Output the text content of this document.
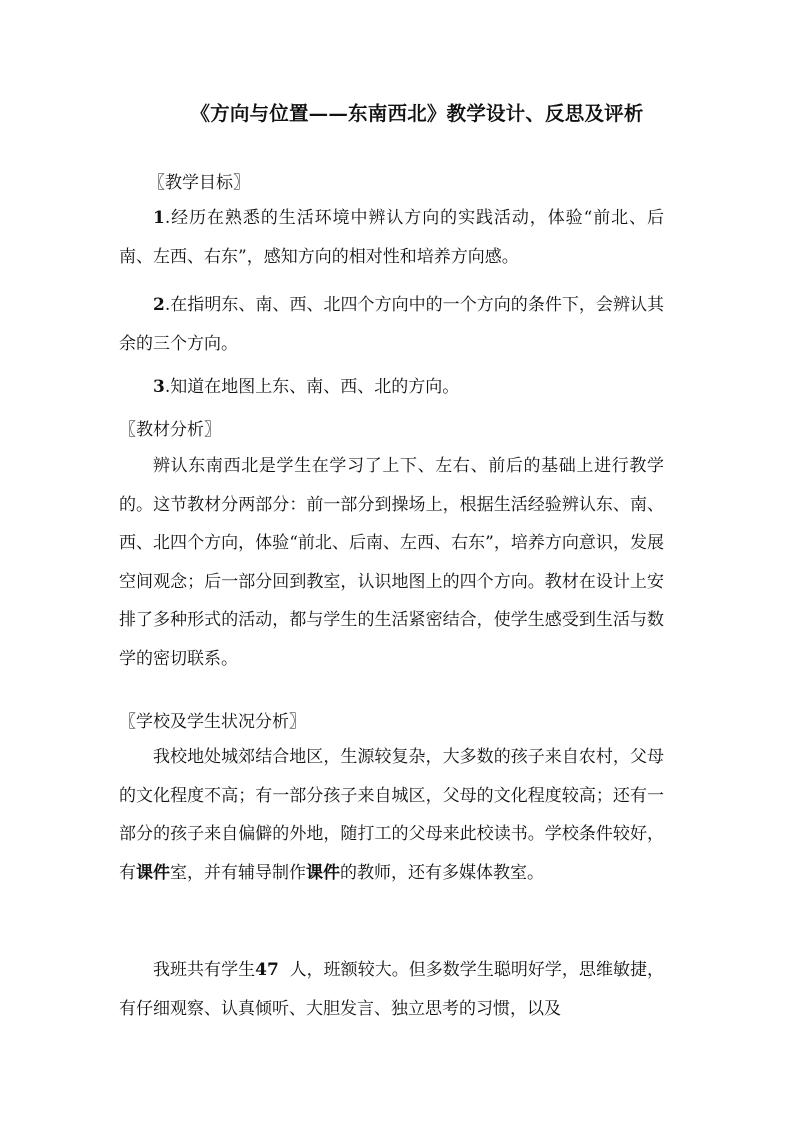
《方向与位置——东南西北》教学设计、反思及评析
〖教学目标〗

1.经历在熟悉的生活环境中辨认方向的实践活动，体验“前北、后南、左西、右东”，感知方向的相对性和培养方向感。

2.在指明东、南、西、北四个方向中的一个方向的条件下，会辨认其余的三个方向。

3.知道在地图上东、南、西、北的方向。

〖教材分析〗

辨认东南西北是学生在学习了上下、左右、前后的基础上进行教学的。这节教材分两部分：前一部分到操场上，根据生活经验辨认东、南、西、北四个方向，体验“前北、后南、左西、右东”，培养方向意识，发展空间观念；后一部分回到教室，认识地图上的四个方向。教材在设计上安排了多种形式的活动，都与学生的生活紧密结合，使学生感受到生活与数学的密切联系。

〖学校及学生状况分析〗

我校地处城郊结合地区，生源较复杂，大多数的孩子来自农村，父母的文化程度不高；有一部分孩子来自城区，父母的文化程度较高；还有一部分的孩子来自偏僻的外地，随打工的父母来此校读书。学校条件较好，有课件室，并有辅导制作课件的教师，还有多媒体教室。

我班共有学生47  人，班额较大。但多数学生聪明好学，思维敏捷，有仔细观察、认真倾听、大胆发言、独立思考的习惯，以及
